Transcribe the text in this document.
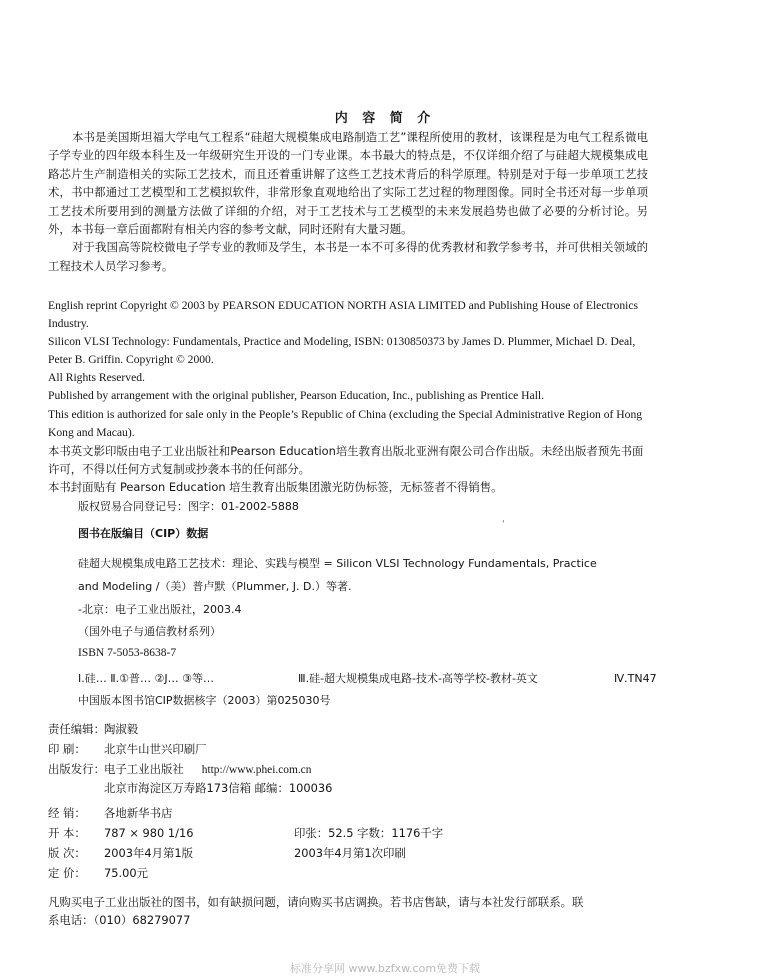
内 容 简 介

本书是美国斯坦福大学电气工程系“硅超大规模集成电路制造工艺”课程所使用的教材，该课程是为电气工程系微电子学专业的四年级本科生及一年级研究生开设的一门专业课。本书最大的特点是，不仅详细介绍了与硅超大规模集成电路芯片生产制造相关的实际工艺技术，而且还着重讲解了这些工艺技术背后的科学原理。特别是对于每一步单项工艺技术，书中都通过工艺模型和工艺模拟软件，非常形象直观地给出了实际工艺过程的物理图像。同时全书还对每一步单项工艺技术所要用到的测量方法做了详细的介绍，对于工艺技术与工艺模型的未来发展趋势也做了必要的分析讨论。另外，本书每一章后面都附有相关内容的参考文献，同时还附有大量习题。

对于我国高等院校微电子学专业的教师及学生，本书是一本不可多得的优秀教材和教学参考书，并可供相关领域的工程技术人员学习参考。

English reprint Copyright © 2003 by PEARSON EDUCATION NORTH ASIA LIMITED and Publishing House of Electronics Industry.
Silicon VLSI Technology: Fundamentals, Practice and Modeling, ISBN: 0130850373 by James D. Plummer, Michael D. Deal, Peter B. Griffin. Copyright © 2000.
All Rights Reserved.
Published by arrangement with the original publisher, Pearson Education, Inc., publishing as Prentice Hall.
This edition is authorized for sale only in the People’s Republic of China (excluding the Special Administrative Region of Hong Kong and Macau).
本书英文影印版由电子工业出版社和Pearson Education培生教育出版北亚洲有限公司合作出版。未经出版者预先书面许可，不得以任何方式复制或抄袭本书的任何部分。
本书封面贴有 Pearson Education 培生教育出版集团激光防伪标签，无标签者不得销售。
版权贸易合同登记号：图字：01-2002-5888
图书在版编目（CIP）数据
'
硅超大规模集成电路工艺技术：理论、实践与模型 = Silicon VLSI Technology Fundamentals, Practice
and Modeling /（美）普卢默（Plummer, J. D.）等著.
-北京：电子工业出版社，2003.4
（国外电子与通信教材系列）
ISBN 7-5053-8638-7
Ⅰ.硅… Ⅱ.①普… ②J… ③等…	Ⅲ.硅-超大规模集成电路-技术-高等学校-教材-英文	Ⅳ.TN47
中国版本图书馆CIP数据核字（2003）第025030号
责任编辑：陶淑毅
印 刷： 北京牛山世兴印刷厂
出版发行：电子工业出版社 http://www.phei.com.cn
北京市海淀区万寿路173信箱 邮编：100036
经 销： 各地新华书店
开 本： 787 × 980 1/16	印张：52.5 字数：1176千字
版 次： 2003年4月第1版	2003年4月第1次印刷
定 价： 75.00元
凡购买电子工业出版社的图书，如有缺损问题，请向购买书店调换。若书店售缺，请与本社发行部联系。联
系电话：（010）68279077
标准分享网 www.bzfxw.com免费下载
